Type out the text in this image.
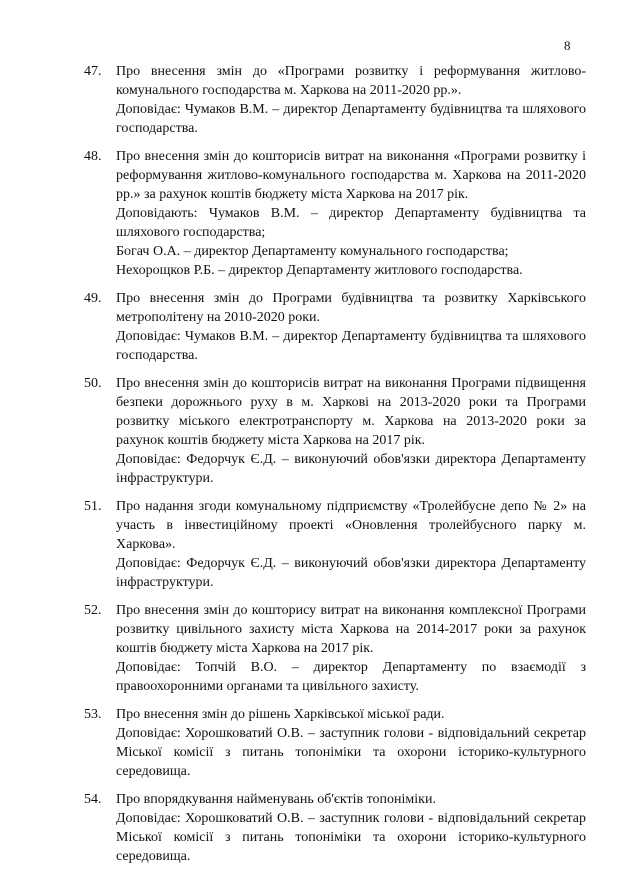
8
47.	Про внесення змін до «Програми розвитку і реформування житлово-комунального господарства м. Харкова на 2011-2020 рр.».
Доповідає: Чумаков В.М. – директор Департаменту будівництва та шляхового господарства.
48.	Про внесення змін до кошторисів витрат на виконання «Програми розвитку і реформування житлово-комунального господарства м. Харкова на 2011-2020 рр.» за рахунок коштів бюджету міста Харкова на 2017 рік.
Доповідають: Чумаков В.М. – директор Департаменту будівництва та шляхового господарства;
Богач О.А. – директор Департаменту комунального господарства;
Нехорощков Р.Б. – директор Департаменту житлового господарства.
49.	Про внесення змін до Програми будівництва та розвитку Харківського метрополітену на 2010-2020 роки.
Доповідає: Чумаков В.М. – директор Департаменту будівництва та шляхового господарства.
50.	Про внесення змін до кошторисів витрат на виконання Програми підвищення безпеки дорожнього руху в м. Харкові на 2013-2020 роки та Програми розвитку міського електротранспорту м. Харкова на 2013-2020 роки за рахунок коштів бюджету міста Харкова на 2017 рік.
Доповідає: Федорчук Є.Д. – виконуючий обов'язки директора Департаменту інфраструктури.
51.	Про надання згоди комунальному підприємству «Тролейбусне депо № 2» на участь в інвестиційному проекті «Оновлення тролейбусного парку м. Харкова».
Доповідає: Федорчук Є.Д. – виконуючий обов'язки директора Департаменту інфраструктури.
52.	Про внесення змін до кошторису витрат на виконання комплексної Програми розвитку цивільного захисту міста Харкова на 2014-2017 роки за рахунок коштів бюджету міста Харкова на 2017 рік.
Доповідає: Топчій В.О. – директор Департаменту по взаємодії з правоохоронними органами та цивільного захисту.
53.	Про внесення змін до рішень Харківської міської ради.
Доповідає: Хорошковатий О.В. – заступник голови - відповідальний секретар Міської комісії з питань топоніміки та охорони історико-культурного середовища.
54.	Про впорядкування найменувань об'єктів топоніміки.
Доповідає: Хорошковатий О.В. – заступник голови - відповідальний секретар Міської комісії з питань топоніміки та охорони історико-культурного середовища.
